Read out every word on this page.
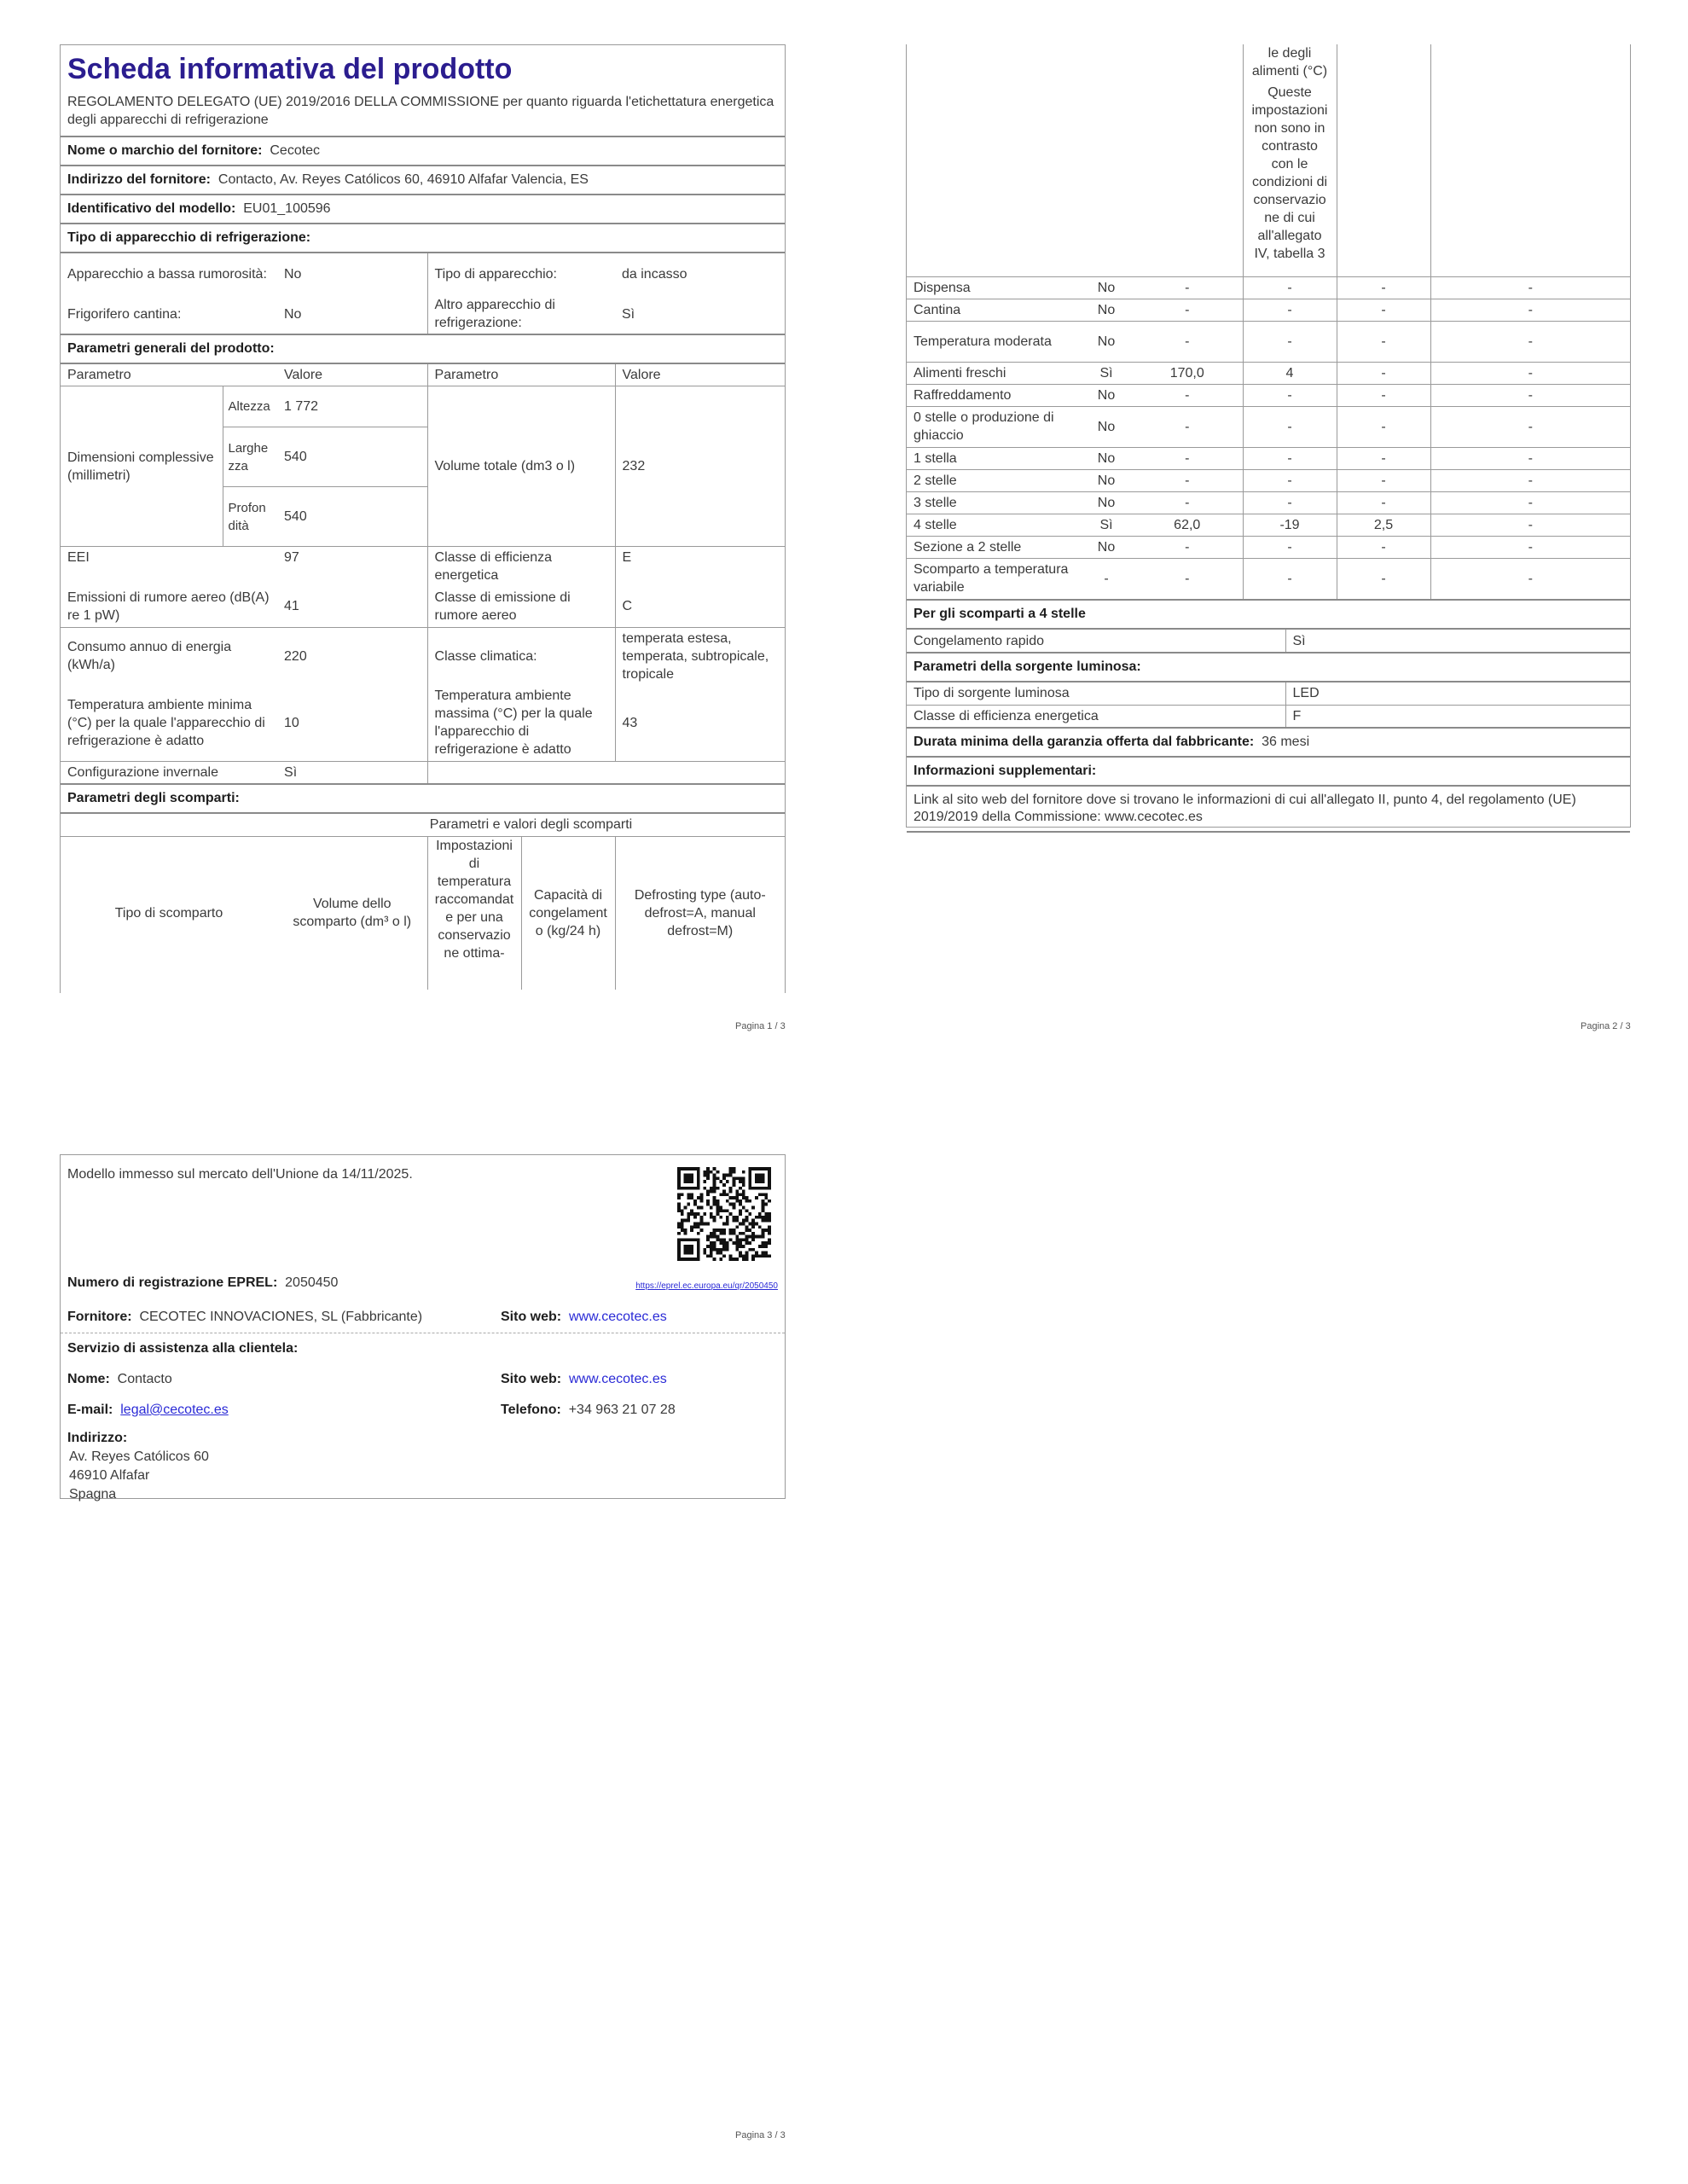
Scheda informativa del prodotto
REGOLAMENTO DELEGATO (UE) 2019/2016 DELLA COMMISSIONE per quanto riguarda l'etichettatura energetica degli apparecchi di refrigerazione
Nome o marchio del fornitore: Cecotec
Indirizzo del fornitore: Contacto, Av. Reyes Católicos 60, 46910 Alfafar Valencia, ES
Identificativo del modello: EU01_100596
Tipo di apparecchio di refrigerazione:
Apparecchio a bassa rumorosità:	No	Tipo di apparecchio:	da incasso
Frigorifero cantina:	No	Altro apparecchio di refrigerazione:	Sì
Parametri generali del prodotto:
Parametro		Valore	Parametro	Valore
Dimensioni complessive (millimetri)	Altezza	1 772	Volume totale (dm3 o l)	232
	Larghezza	540		
	Profondità	540		
EEI		97	Classe di efficienza energetica	E
Emissioni di rumore aereo (dB(A) re 1 pW)		41	Classe di emissione di rumore aereo	C
Consumo annuo di energia (kWh/a)		220	Classe climatica:	temperata estesa, temperata, subtropicale, tropicale
Temperatura ambiente minima (°C) per la quale l'apparecchio di refrigerazione è adatto		10	Temperatura ambiente massima (°C) per la quale l'apparecchio di refrigerazione è adatto	43
Configurazione invernale		Sì		
Parametri degli scomparti:
	Parametri e valori degli scomparti			
Tipo di scomparto	Volume dello scomparto (dm³ o l)	Impostazioni di temperatura raccomandate per una conservazione ottima-	Capacità di congelamento (kg/24 h)	Defrosting type (auto-defrost=A, manual defrost=M)
Pagina 1 / 3

			le degli alimenti (°C)
Queste impostazioni non sono in contrasto con le condizioni di conservazione di cui all'allegato IV, tabella 3		

Dispensa	No	-	-	-	-
Cantina	No	-	-	-	-
Temperatura moderata	No	-	-	-	-
Alimenti freschi	Sì	170,0	4	-	-
Raffreddamento	No	-	-	-	-
0 stelle o produzione di ghiaccio	No	-	-	-	-
1 stella	No	-	-	-	-
2 stelle	No	-	-	-	-
3 stelle	No	-	-	-	-
4 stelle	Sì	62,0	-19	2,5	-
Sezione a 2 stelle	No	-	-	-	-
Scomparto a temperatura variabile	-	-	-	-	-
Per gli scomparti a 4 stelle
Congelamento rapido	Sì
Parametri della sorgente luminosa:
Tipo di sorgente luminosa	LED
Classe di efficienza energetica	F
Durata minima della garanzia offerta dal fabbricante: 36 mesi
Informazioni supplementari:
Link al sito web del fornitore dove si trovano le informazioni di cui all'allegato II, punto 4, del regolamento (UE) 2019/2019 della Commissione: www.cecotec.es
Pagina 2 / 3
Modello immesso sul mercato dell'Unione da 14/11/2025.
Numero di registrazione EPREL: 2050450	https://eprel.ec.europa.eu/qr/2050450
Fornitore: CECOTEC INNOVACIONES, SL (Fabbricante)	Sito web: www.cecotec.es
Servizio di assistenza alla clientela:
Nome: Contacto	Sito web: www.cecotec.es
E-mail: legal@cecotec.es	Telefono: +34 963 21 07 28
Indirizzo:
Av. Reyes Católicos 60
46910 Alfafar
Spagna
Pagina 3 / 3
